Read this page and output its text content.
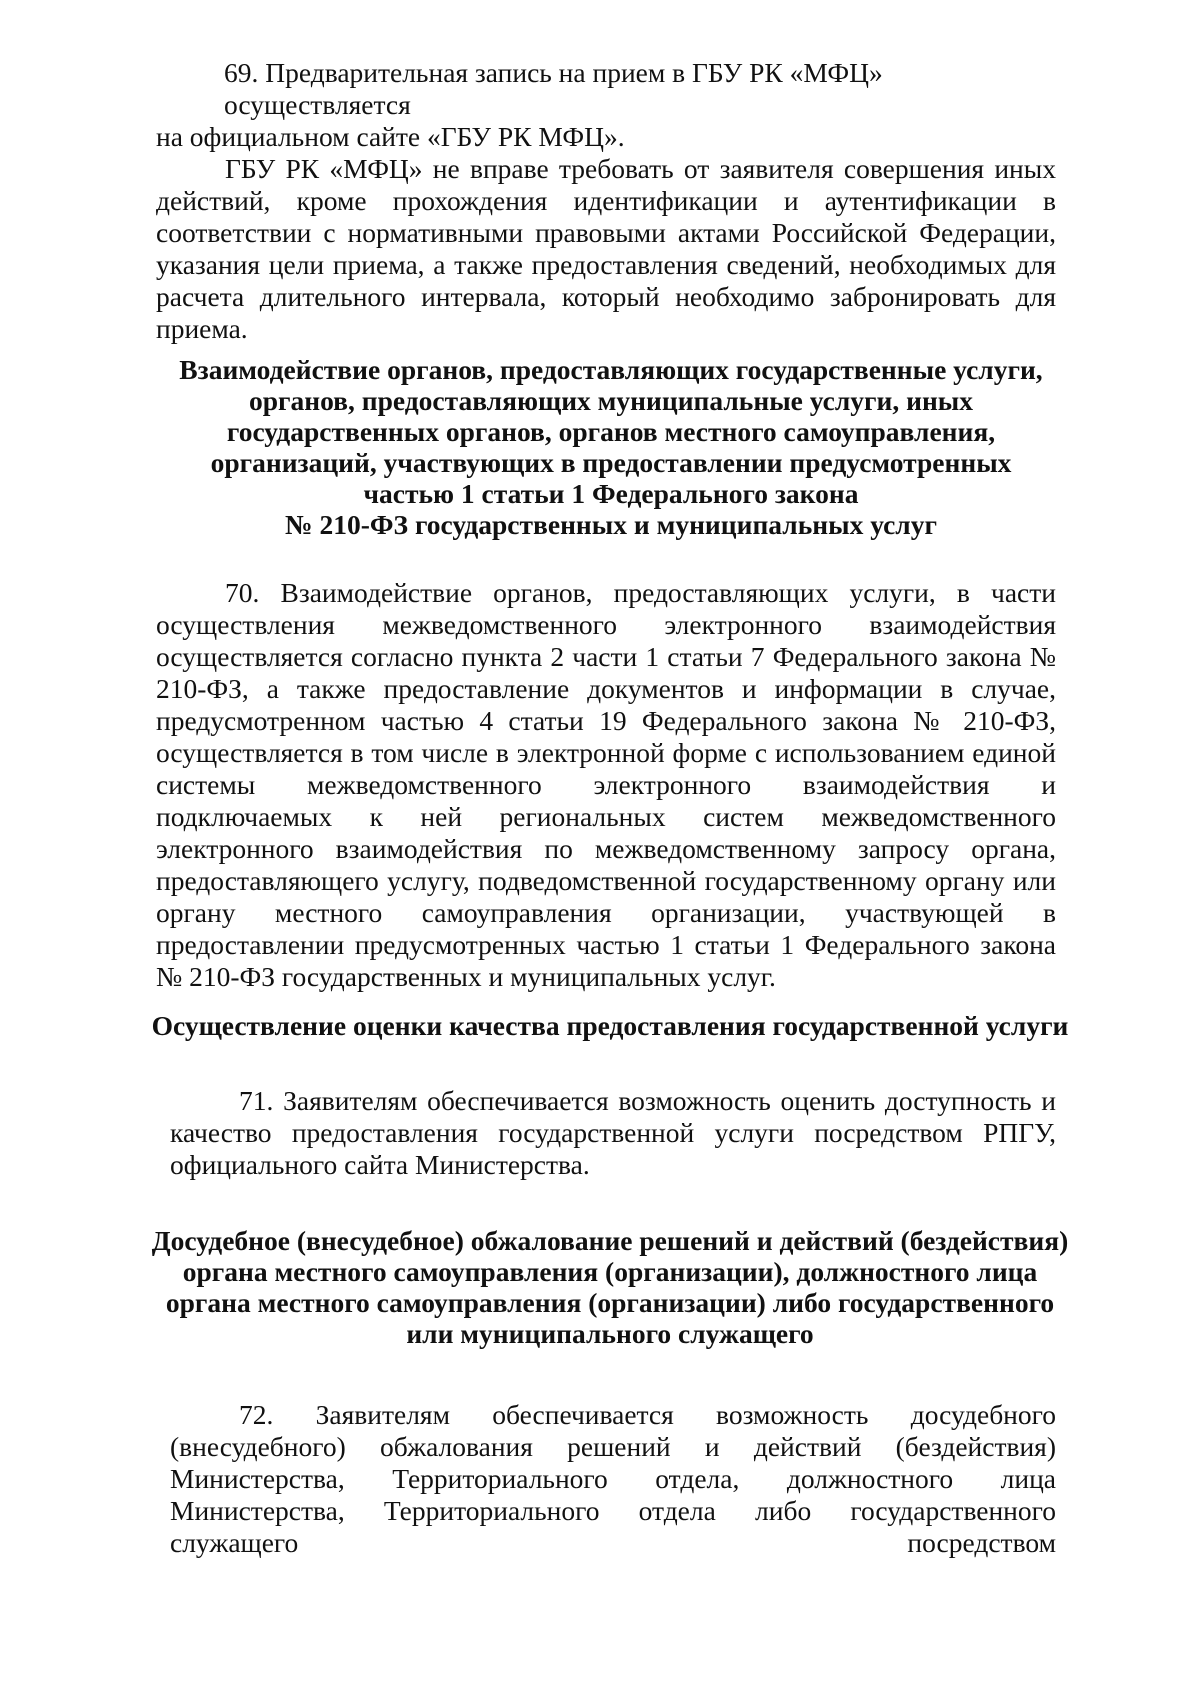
69. Предварительная запись на прием в ГБУ РК «МФЦ» осуществляется
на официальном сайте «ГБУ РК МФЦ».
ГБУ РК «МФЦ» не вправе требовать от заявителя совершения иных действий, кроме прохождения идентификации и аутентификации в соответствии с нормативными правовыми актами Российской Федерации, указания цели приема, а также предоставления сведений, необходимых для расчета длительного интервала, который необходимо забронировать для приема.
Взаимодействие органов, предоставляющих государственные услуги,
органов, предоставляющих муниципальные услуги, иных
государственных органов, органов местного самоуправления,
организаций, участвующих в предоставлении предусмотренных
частью 1 статьи 1 Федерального закона
№ 210-ФЗ государственных и муниципальных услуг
70. Взаимодействие органов, предоставляющих услуги, в части осуществления межведомственного электронного взаимодействия осуществляется согласно пункта 2 части 1 статьи 7 Федерального закона № 210-ФЗ, а также предоставление документов и информации в случае, предусмотренном частью 4 статьи 19 Федерального закона № 210-ФЗ, осуществляется в том числе в электронной форме с использованием единой системы межведомственного электронного взаимодействия и подключаемых к ней региональных систем межведомственного электронного взаимодействия по межведомственному запросу органа, предоставляющего услугу, подведомственной государственному органу или органу местного самоуправления организации, участвующей в предоставлении предусмотренных частью 1 статьи 1 Федерального закона № 210-ФЗ государственных и муниципальных услуг.
Осуществление оценки качества предоставления государственной услуги
71. Заявителям обеспечивается возможность оценить доступность и качество предоставления государственной услуги посредством РПГУ, официального сайта Министерства.
Досудебное (внесудебное) обжалование решений и действий (бездействия)
органа местного самоуправления (организации), должностного лица
органа местного самоуправления (организации) либо государственного
или муниципального служащего
72. Заявителям обеспечивается возможность досудебного (внесудебного) обжалования решений и действий (бездействия) Министерства, Территориального отдела, должностного лица Министерства, Территориального отдела либо государственного служащего посредством
